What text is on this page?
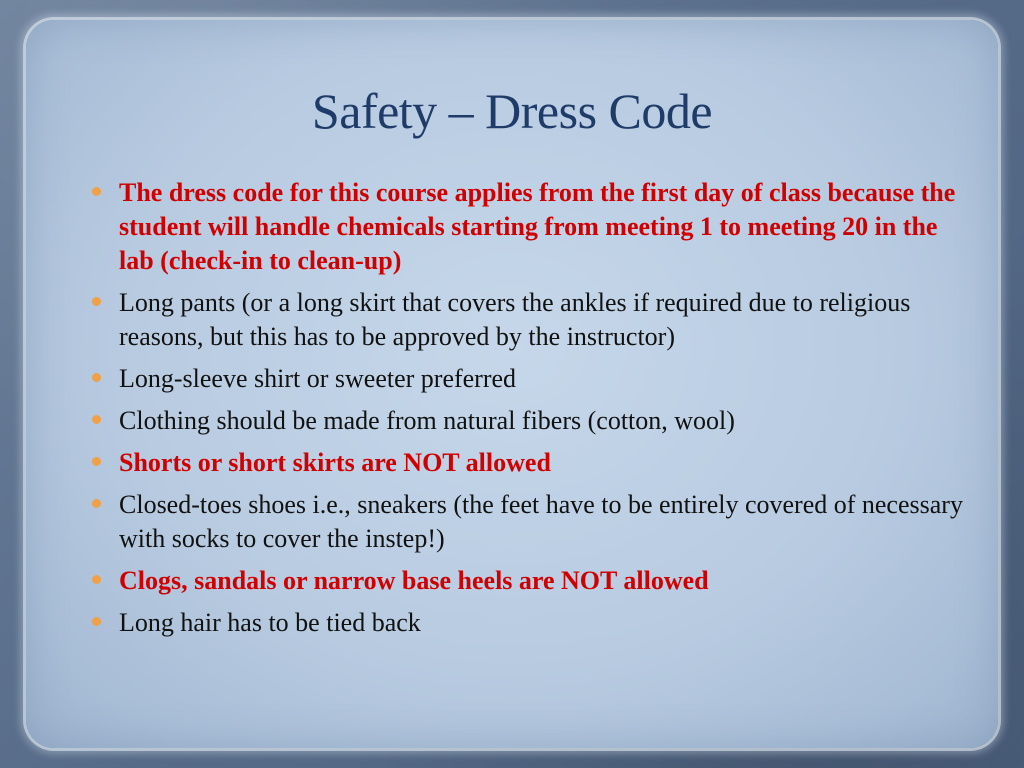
Safety – Dress Code
The dress code for this course applies from the first day of class because the student will handle chemicals starting from meeting 1 to meeting 20 in the lab (check-in to clean-up)
Long pants (or a long skirt that covers the ankles if required due to religious reasons, but this has to be approved by the instructor)
Long-sleeve shirt or sweeter preferred
Clothing should be made from natural fibers (cotton, wool)
Shorts or short skirts are NOT allowed
Closed-toes shoes i.e., sneakers (the feet have to be entirely covered of necessary with socks to cover the instep!)
Clogs, sandals or narrow base heels are NOT allowed
Long hair has to be tied back
